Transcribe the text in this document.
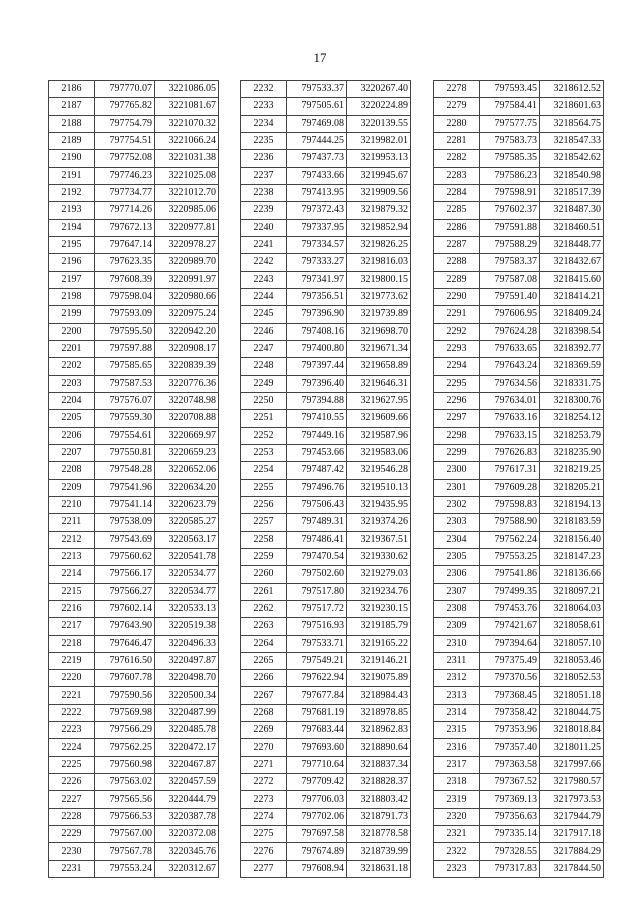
17
2186	797770.07	3221086.05
2187	797765.82	3221081.67
2188	797754.79	3221070.32
2189	797754.51	3221066.24
2190	797752.08	3221031.38
2191	797746.23	3221025.08
2192	797734.77	3221012.70
2193	797714.26	3220985.06
2194	797672.13	3220977.81
2195	797647.14	3220978.27
2196	797623.35	3220989.70
2197	797608.39	3220991.97
2198	797598.04	3220980.66
2199	797593.09	3220975.24
2200	797595.50	3220942.20
2201	797597.88	3220908.17
2202	797585.65	3220839.39
2203	797587.53	3220776.36
2204	797576.07	3220748.98
2205	797559.30	3220708.88
2206	797554.61	3220669.97
2207	797550.81	3220659.23
2208	797548.28	3220652.06
2209	797541.96	3220634.20
2210	797541.14	3220623.79
2211	797538.09	3220585.27
2212	797543.69	3220563.17
2213	797560.62	3220541.78
2214	797566.17	3220534.77
2215	797566.27	3220534.77
2216	797602.14	3220533.13
2217	797643.90	3220519.38
2218	797646.47	3220496.33
2219	797616.50	3220497.87
2220	797607.78	3220498.70
2221	797590.56	3220500.34
2222	797569.98	3220487.99
2223	797566.29	3220485.78
2224	797562.25	3220472.17
2225	797560.98	3220467.87
2226	797563.02	3220457.59
2227	797565.56	3220444.79
2228	797566.53	3220387.78
2229	797567.00	3220372.08
2230	797567.78	3220345.76
2231	797553.24	3220312.67
2232	797533.37	3220267.40
2233	797505.61	3220224.89
2234	797469.08	3220139.55
2235	797444.25	3219982.01
2236	797437.73	3219953.13
2237	797433.66	3219945.67
2238	797413.95	3219909.56
2239	797372.43	3219879.32
2240	797337.95	3219852.94
2241	797334.57	3219826.25
2242	797333.27	3219816.03
2243	797341.97	3219800.15
2244	797356.51	3219773.62
2245	797396.90	3219739.89
2246	797408.16	3219698.70
2247	797400.80	3219671.34
2248	797397.44	3219658.89
2249	797396.40	3219646.31
2250	797394.88	3219627.95
2251	797410.55	3219609.66
2252	797449.16	3219587.96
2253	797453.66	3219583.06
2254	797487.42	3219546.28
2255	797496.76	3219510.13
2256	797506.43	3219435.95
2257	797489.31	3219374.26
2258	797486.41	3219367.51
2259	797470.54	3219330.62
2260	797502.60	3219279.03
2261	797517.80	3219234.76
2262	797517.72	3219230.15
2263	797516.93	3219185.79
2264	797533.71	3219165.22
2265	797549.21	3219146.21
2266	797622.94	3219075.89
2267	797677.84	3218984.43
2268	797681.19	3218978.85
2269	797683.44	3218962.83
2270	797693.60	3218890.64
2271	797710.64	3218837.34
2272	797709.42	3218828.37
2273	797706.03	3218803.42
2274	797702.06	3218791.73
2275	797697.58	3218778.58
2276	797674.89	3218739.99
2277	797608.94	3218631.18
2278	797593.45	3218612.52
2279	797584.41	3218601.63
2280	797577.75	3218564.75
2281	797583.73	3218547.33
2282	797585.35	3218542.62
2283	797586.23	3218540.98
2284	797598.91	3218517.39
2285	797602.37	3218487.30
2286	797591.88	3218460.51
2287	797588.29	3218448.77
2288	797583.37	3218432.67
2289	797587.08	3218415.60
2290	797591.40	3218414.21
2291	797606.95	3218409.24
2292	797624.28	3218398.54
2293	797633.65	3218392.77
2294	797643.24	3218369.59
2295	797634.56	3218331.75
2296	797634.01	3218300.76
2297	797633.16	3218254.12
2298	797633.15	3218253.79
2299	797626.83	3218235.90
2300	797617.31	3218219.25
2301	797609.28	3218205.21
2302	797598.83	3218194.13
2303	797588.90	3218183.59
2304	797562.24	3218156.40
2305	797553.25	3218147.23
2306	797541.86	3218136.66
2307	797499.35	3218097.21
2308	797453.76	3218064.03
2309	797421.67	3218058.61
2310	797394.64	3218057.10
2311	797375.49	3218053.46
2312	797370.56	3218052.53
2313	797368.45	3218051.18
2314	797358.42	3218044.75
2315	797353.96	3218018.84
2316	797357.40	3218011.25
2317	797363.58	3217997.66
2318	797367.52	3217980.57
2319	797369.13	3217973.53
2320	797356.63	3217944.79
2321	797335.14	3217917.18
2322	797328.55	3217884.29
2323	797317.83	3217844.50
